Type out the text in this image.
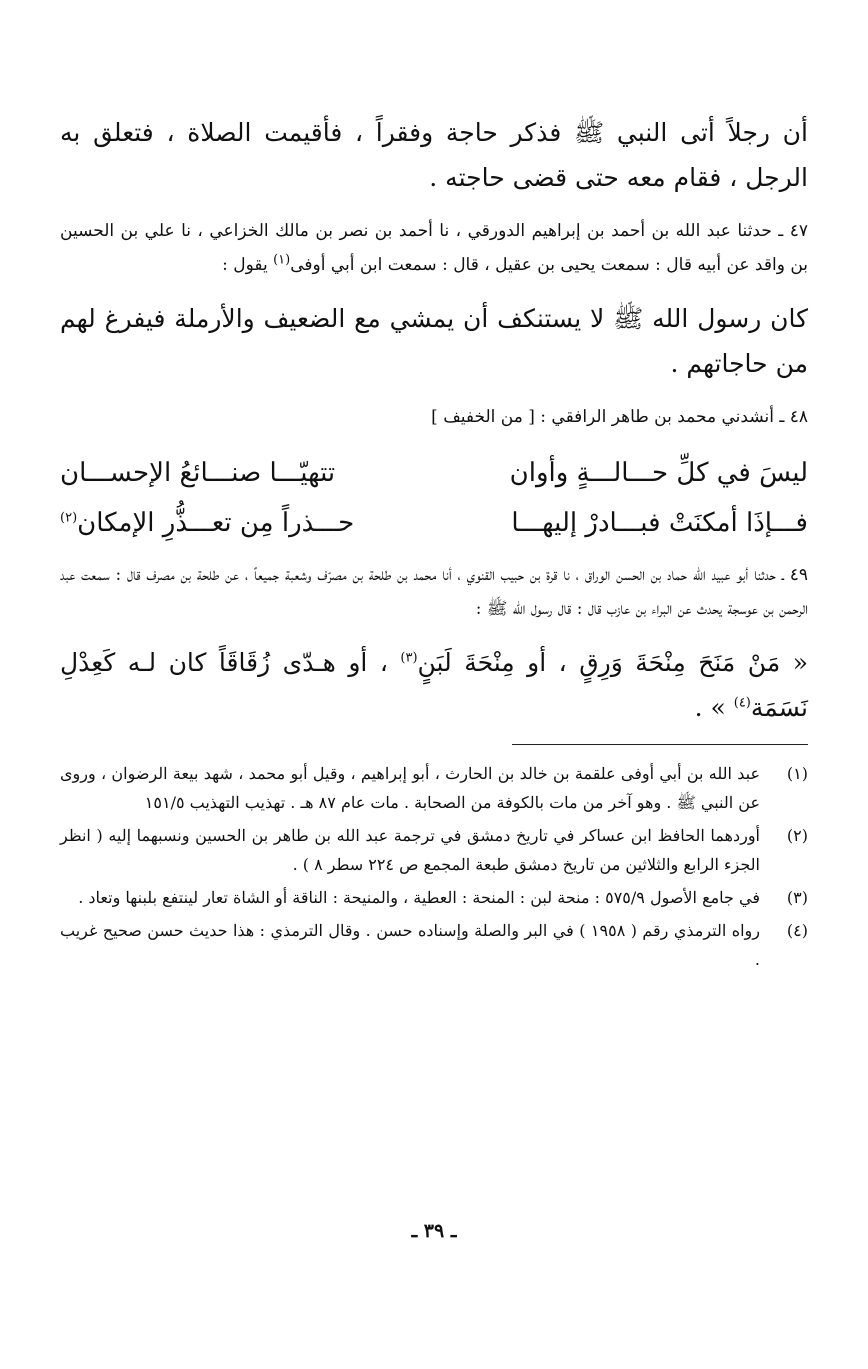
أن رجلاً أتى النبي ﷺ فذكر حاجة وفقراً ، فأقيمت الصلاة ، فتعلق به الرجل ، فقام معه حتى قضى حاجته .

٤٧ ـ حدثنا عبد الله بن أحمد بن إبراهيم الدورقي ، نا أحمد بن نصر بن مالك الخزاعي ، نا علي بن الحسين بن واقد عن أبيه قال : سمعت يحيى بن عقيل ، قال : سمعت ابن أبي أوفى$^{(١)}$ يقول :

كان رسول الله ﷺ لا يستنكف أن يمشي مع الضعيف والأرملة فيفرغ لهم من حاجاتهم .

٤٨ ـ أنشدني محمد بن طاهر الرافقي : [ من الخفيف ]

ليسَ في كلِّ حـــالـــةٍ وأوان
تتهيّـــا صنـــائعُ الإحســـان
فـــإذَا أمكنَتْ فبـــادرْ إليهـــا
حـــذراً مِن تعـــذُّرِ الإمكان$^{(٢)}$

٤٩ ـ حدثنا أبو عبيد الله حماد بن الحسن الوراق ، نا قرة بن حبيب القنوي ، أنا محمد بن طلحة بن مصرّف وشعبة جميعاً ، عن طلحة بن مصرف قال : سمعت عبد الرحمن بن عوسجة يحدث عن البراء بن عازب قال : قال رسول الله ﷺ :

« مَنْ مَنَحَ مِنْحَةَ وَرِقٍ ، أو مِنْحَةَ لَبَنٍ$^{(٣)}$ ، أو هـدّى زُقَاقَاً كان لـه كَعِدْلِ نَسَمَة$^{(٤)}$ » .

(١)
عبد الله بن أبي أوفى علقمة بن خالد بن الحارث ، أبو إبراهيم ، وقيل أبو محمد ، شهد بيعة الرضوان ، وروى عن النبي ﷺ . وهو آخر من مات بالكوفة من الصحابة . مات عام ٨٧ هـ . تهذيب التهذيب ١٥١/٥
(٢)
أوردهما الحافظ ابن عساكر في تاريخ دمشق في ترجمة عبد الله بن طاهر بن الحسين ونسبهما إليه ( انظر الجزء الرابع والثلاثين من تاريخ دمشق طبعة المجمع ص ٢٢٤ سطر ٨ ) .
(٣)
في جامع الأصول ٥٧٥/٩ : منحة لبن : المنحة : العطية ، والمنيحة : الناقة أو الشاة تعار لينتفع بلبنها وتعاد .
(٤)
رواه الترمذي رقم ( ١٩٥٨ ) في البر والصلة وإسناده حسن . وقال الترمذي : هذا حديث حسن صحيح غريب .
ـ ٣٩ ـ
